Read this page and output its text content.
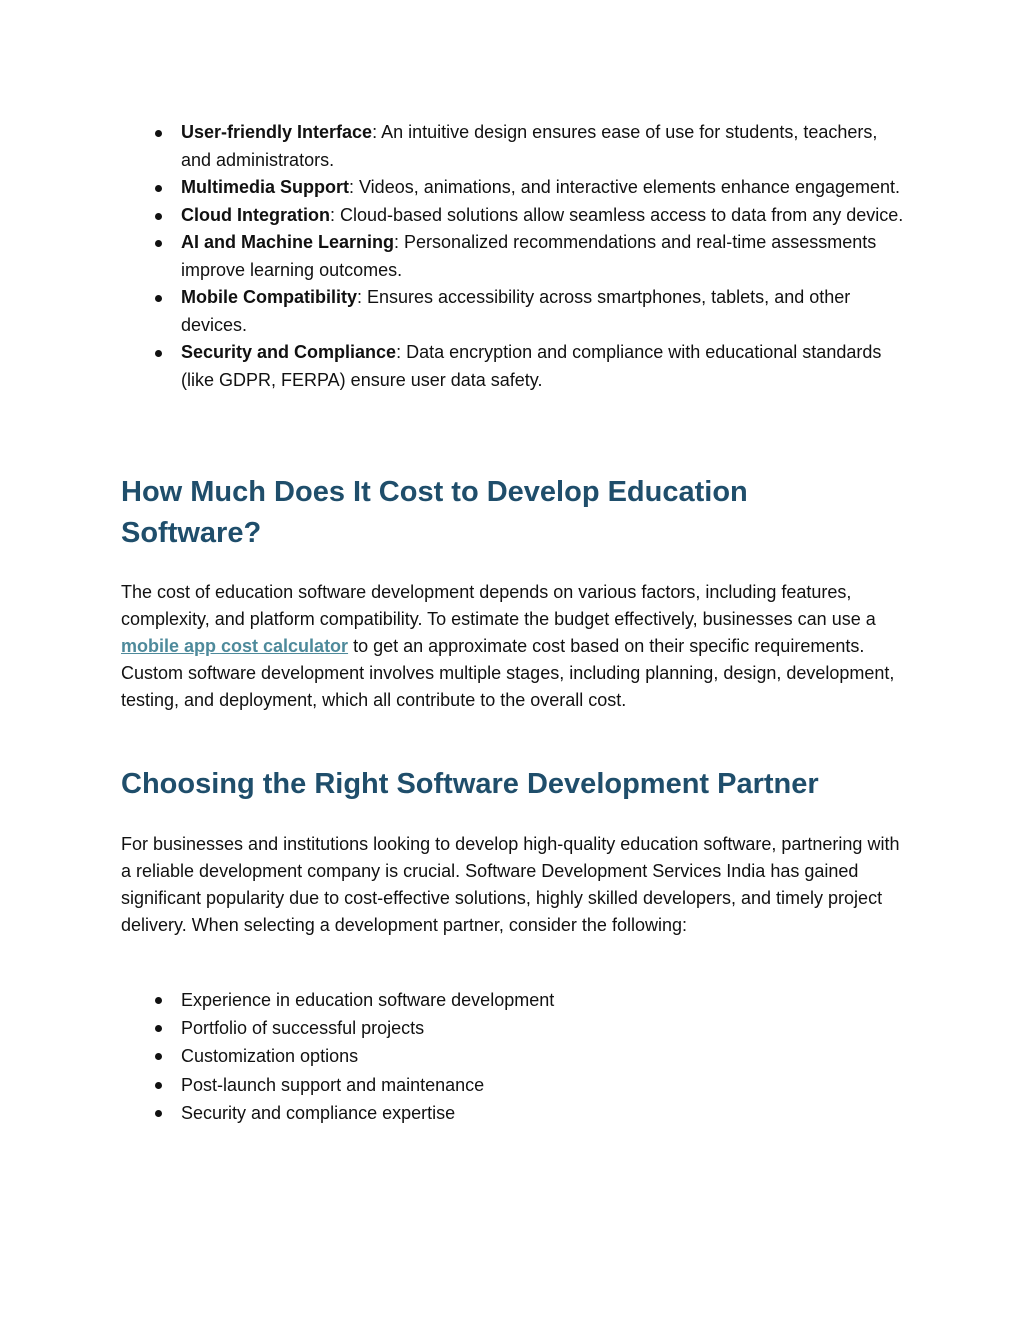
User-friendly Interface: An intuitive design ensures ease of use for students, teachers, and administrators.
Multimedia Support: Videos, animations, and interactive elements enhance engagement.
Cloud Integration: Cloud-based solutions allow seamless access to data from any device.
AI and Machine Learning: Personalized recommendations and real-time assessments improve learning outcomes.
Mobile Compatibility: Ensures accessibility across smartphones, tablets, and other devices.
Security and Compliance: Data encryption and compliance with educational standards (like GDPR, FERPA) ensure user data safety.
How Much Does It Cost to Develop Education Software?

The cost of education software development depends on various factors, including features, complexity, and platform compatibility. To estimate the budget effectively, businesses can use a mobile app cost calculator to get an approximate cost based on their specific requirements. Custom software development involves multiple stages, including planning, design, development, testing, and deployment, which all contribute to the overall cost.

Choosing the Right Software Development Partner

For businesses and institutions looking to develop high-quality education software, partnering with a reliable development company is crucial. Software Development Services India has gained significant popularity due to cost-effective solutions, highly skilled developers, and timely project delivery. When selecting a development partner, consider the following:

Experience in education software development
Portfolio of successful projects
Customization options
Post-launch support and maintenance
Security and compliance expertise
